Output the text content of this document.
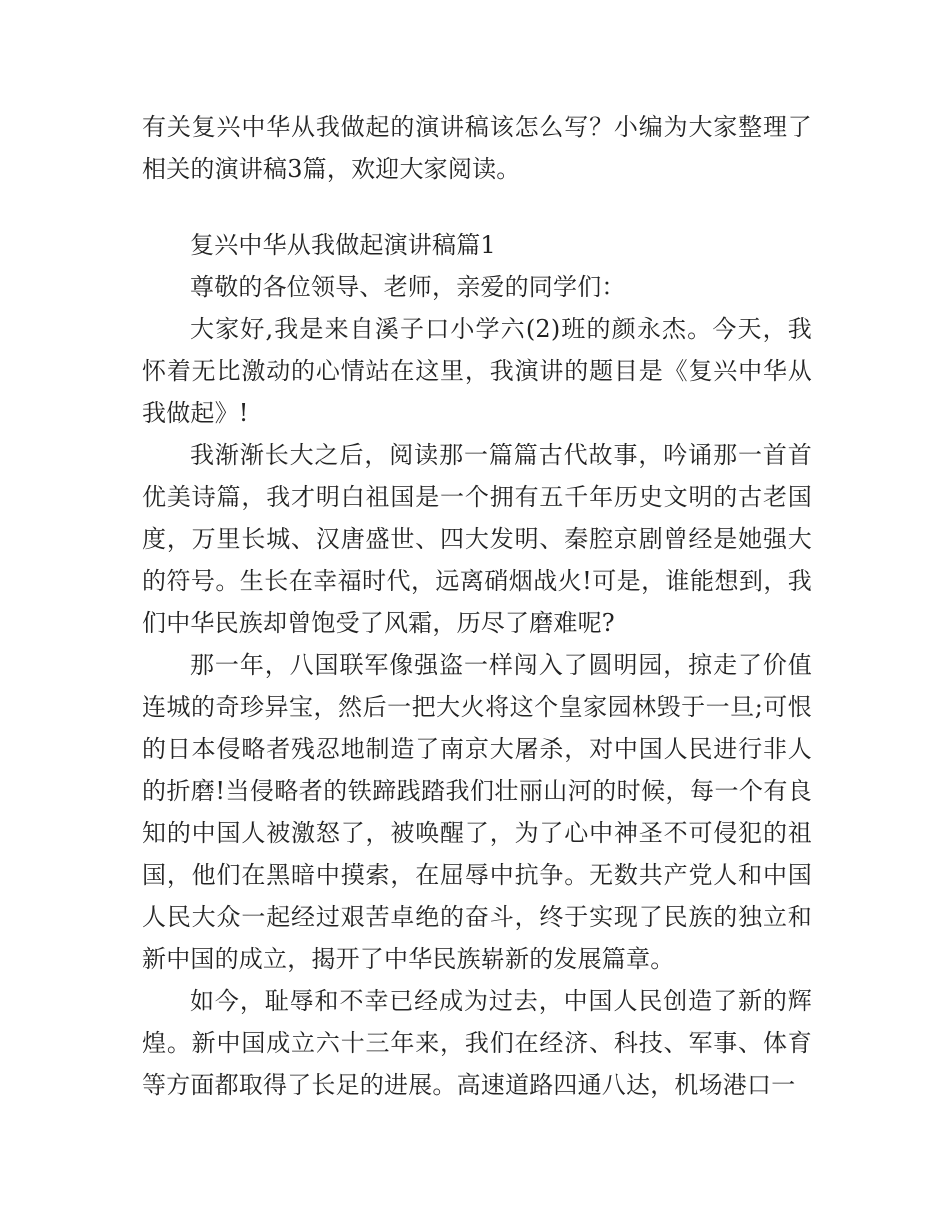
有关复兴中华从我做起的演讲稿该怎么写？小编为大家整理了相关的演讲稿3篇，欢迎大家阅读。

复兴中华从我做起演讲稿篇1

尊敬的各位领导、老师，亲爱的同学们：

大家好,我是来自溪子口小学六(2)班的颜永杰。今天，我怀着无比激动的心情站在这里，我演讲的题目是《复兴中华从我做起》!

我渐渐长大之后，阅读那一篇篇古代故事，吟诵那一首首优美诗篇，我才明白祖国是一个拥有五千年历史文明的古老国度，万里长城、汉唐盛世、四大发明、秦腔京剧曾经是她强大的符号。生长在幸福时代，远离硝烟战火!可是，谁能想到，我们中华民族却曾饱受了风霜，历尽了磨难呢?

那一年，八国联军像强盗一样闯入了圆明园，掠走了价值连城的奇珍异宝，然后一把大火将这个皇家园林毁于一旦;可恨的日本侵略者残忍地制造了南京大屠杀，对中国人民进行非人的折磨!当侵略者的铁蹄践踏我们壮丽山河的时候，每一个有良知的中国人被激怒了，被唤醒了，为了心中神圣不可侵犯的祖国，他们在黑暗中摸索，在屈辱中抗争。无数共产党人和中国人民大众一起经过艰苦卓绝的奋斗，终于实现了民族的独立和新中国的成立，揭开了中华民族崭新的发展篇章。

如今，耻辱和不幸已经成为过去，中国人民创造了新的辉煌。新中国成立六十三年来，我们在经济、科技、军事、体育等方面都取得了长足的进展。高速道路四通八达，机场港口一
